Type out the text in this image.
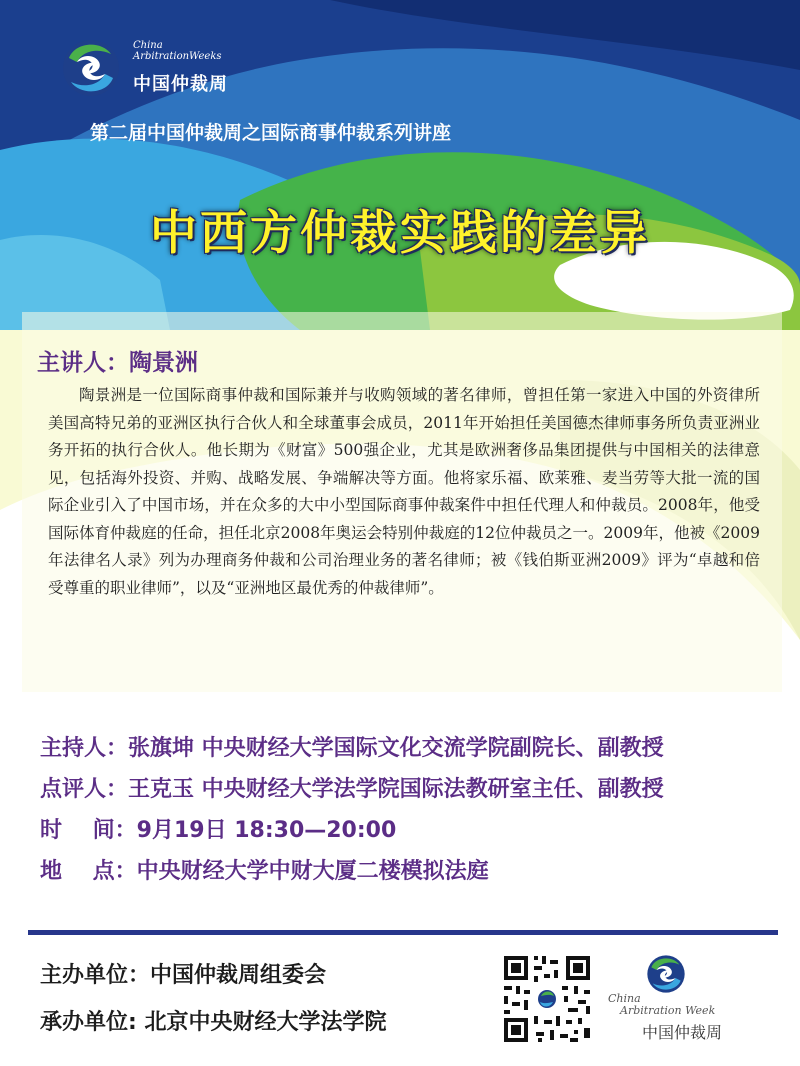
China
ArbitrationWeeks
中国仲裁周
第二届中国仲裁周之国际商事仲裁系列讲座
中西方仲裁实践的差异
主讲人：陶景洲

陶景洲是一位国际商事仲裁和国际兼并与收购领域的著名律师，曾担任第一家进入中国的外资律所美国高特兄弟的亚洲区执行合伙人和全球董事会成员，2011年开始担任美国德杰律师事务所负责亚洲业务开拓的执行合伙人。他长期为《财富》500强企业，尤其是欧洲奢侈品集团提供与中国相关的法律意见，包括海外投资、并购、战略发展、争端解决等方面。他将家乐福、欧莱雅、麦当劳等大批一流的国际企业引入了中国市场，并在众多的大中小型国际商事仲裁案件中担任代理人和仲裁员。2008年，他受国际体育仲裁庭的任命，担任北京2008年奥运会特别仲裁庭的12位仲裁员之一。2009年，他被《2009年法律名人录》列为办理商务仲裁和公司治理业务的著名律师；被《钱伯斯亚洲2009》评为“卓越和倍受尊重的职业律师”，以及“亚洲地区最优秀的仲裁律师”。

主持人：张旗坤 中央财经大学国际文化交流学院副院长、副教授
点评人：王克玉 中央财经大学法学院国际法教研室主任、副教授
时    间：9月19日 18:30—20:00
地    点：中央财经大学中财大厦二楼模拟法庭
主办单位：中国仲裁周组委会
承办单位: 北京中央财经大学法学院
China
Arbitration Week
中国仲裁周
